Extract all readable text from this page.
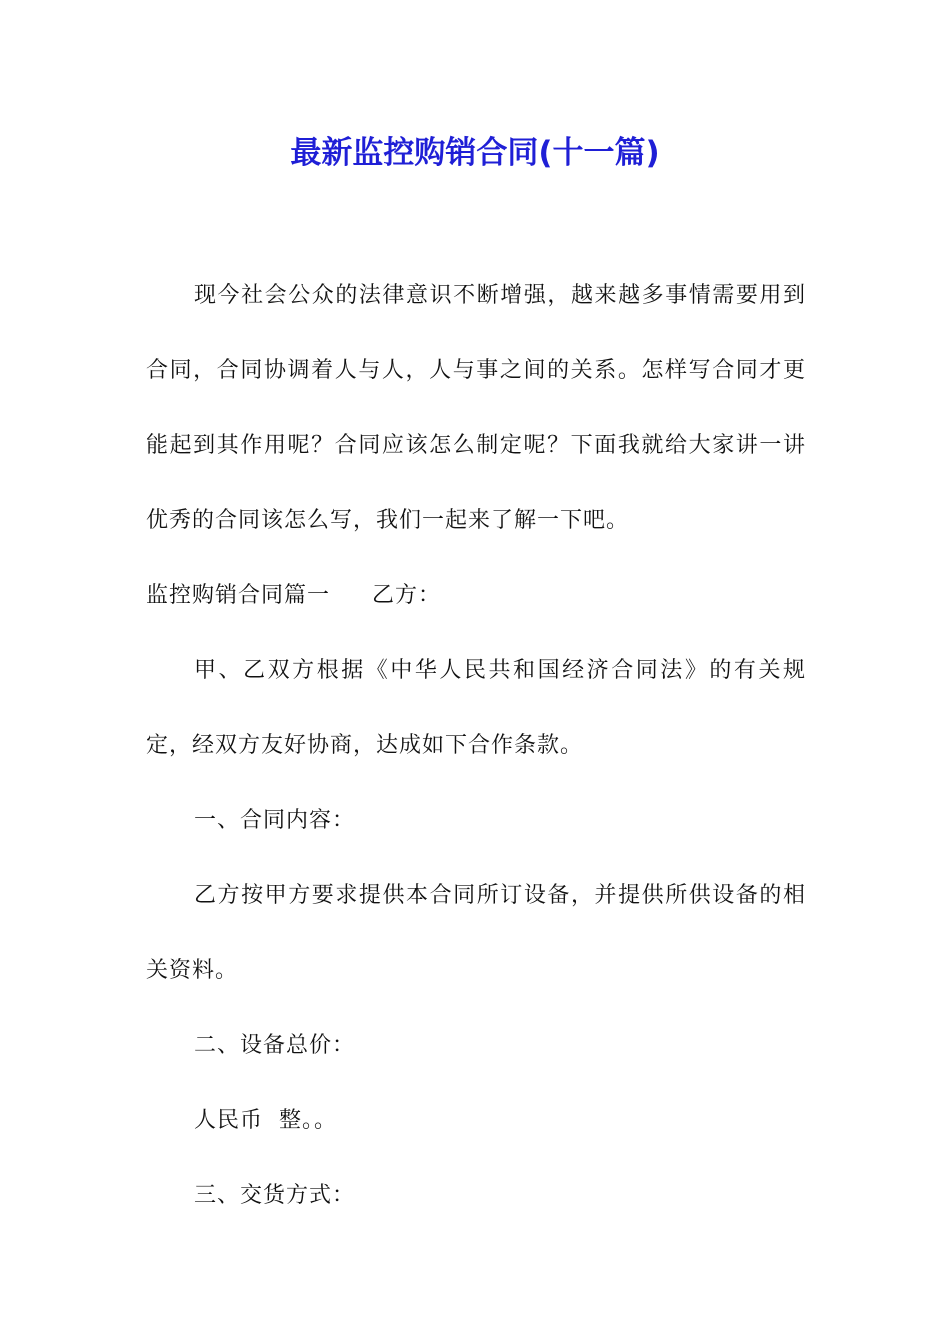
最新监控购销合同(十一篇)

现今社会公众的法律意识不断增强，越来越多事情需要用到合同，合同协调着人与人，人与事之间的关系。怎样写合同才更能起到其作用呢？合同应该怎么制定呢？下面我就给大家讲一讲优秀的合同该怎么写，我们一起来了解一下吧。

监控购销合同篇一 乙方：

甲、乙双方根据《中华人民共和国经济合同法》的有关规定，经双方友好协商，达成如下合作条款。

一、合同内容：

乙方按甲方要求提供本合同所订设备，并提供所供设备的相关资料。

二、设备总价：

人民币  整。。

三、交货方式：
